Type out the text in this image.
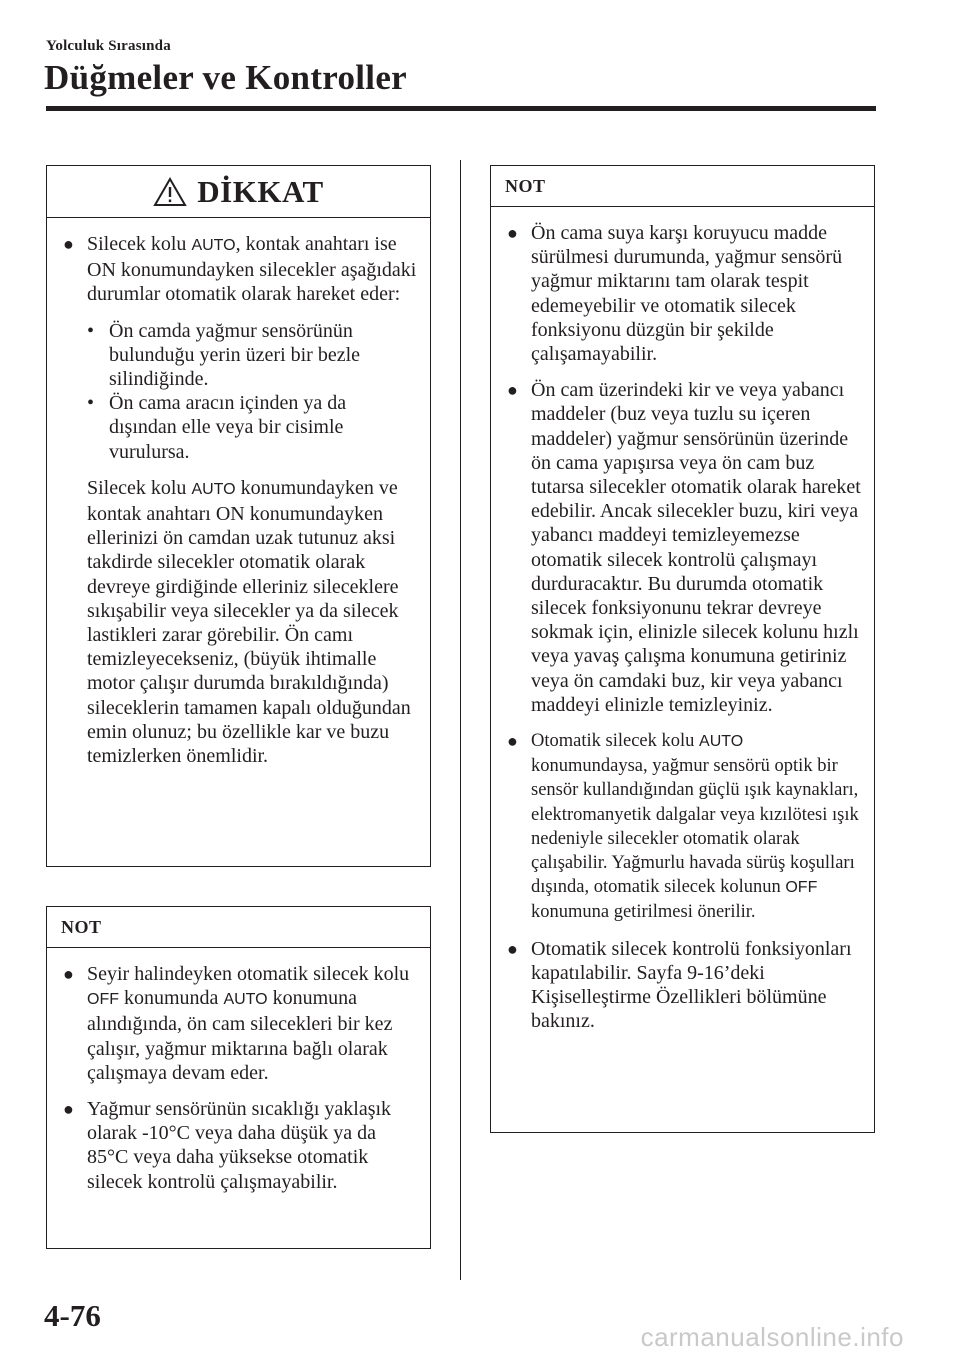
Yolculuk Sırasında
Düğmeler ve Kontroller
DİKKAT
● Silecek kolu AUTO, kontak anahtarı ise ON konumundayken silecekler aşağıdaki durumlar otomatik olarak hareket eder:
• Ön camda yağmur sensörünün bulunduğu yerin üzeri bir bezle silindiğinde.
• Ön cama aracın içinden ya da dışından elle veya bir cisimle vurulursa.
Silecek kolu AUTO konumundayken ve kontak anahtarı ON konumundayken ellerinizi ön camdan uzak tutunuz aksi takdirde silecekler otomatik olarak devreye girdiğinde elleriniz sileceklere sıkışabilir veya silecekler ya da silecek lastikleri zarar görebilir. Ön camı temizleyecekseniz, (büyük ihtimalle motor çalışır durumda bırakıldığında) sileceklerin tamamen kapalı olduğundan emin olunuz; bu özellikle kar ve buzu temizlerken önemlidir.
NOT
● Seyir halindeyken otomatik silecek kolu OFF konumunda AUTO konumuna alındığında, ön cam silecekleri bir kez çalışır, yağmur miktarına bağlı olarak çalışmaya devam eder.
● Yağmur sensörünün sıcaklığı yaklaşık olarak -10°C veya daha düşük ya da 85°C veya daha yüksekse otomatik silecek kontrolü çalışmayabilir.
NOT
● Ön cama suya karşı koruyucu madde sürülmesi durumunda, yağmur sensörü yağmur miktarını tam olarak tespit edemeyebilir ve otomatik silecek fonksiyonu düzgün bir şekilde çalışamayabilir.
● Ön cam üzerindeki kir ve veya yabancı maddeler (buz veya tuzlu su içeren maddeler) yağmur sensörünün üzerinde ön cama yapışırsa veya ön cam buz tutarsa silecekler otomatik olarak hareket edebilir. Ancak silecekler buzu, kiri veya yabancı maddeyi temizleyemezse otomatik silecek kontrolü çalışmayı durduracaktır. Bu durumda otomatik silecek fonksiyonunu tekrar devreye sokmak için, elinizle silecek kolunu hızlı veya yavaş çalışma konumuna getiriniz veya ön camdaki buz, kir veya yabancı maddeyi elinizle temizleyiniz.
● Otomatik silecek kolu AUTO konumundaysa, yağmur sensörü optik bir sensör kullandığından güçlü ışık kaynakları, elektromanyetik dalgalar veya kızılötesi ışık nedeniyle silecekler otomatik olarak çalışabilir. Yağmurlu havada sürüş koşulları dışında, otomatik silecek kolunun OFF konumuna getirilmesi önerilir.
● Otomatik silecek kontrolü fonksiyonları kapatılabilir. Sayfa 9-16’deki Kişiselleştirme Özellikleri bölümüne bakınız.
4-76
carmanualsonline.info
